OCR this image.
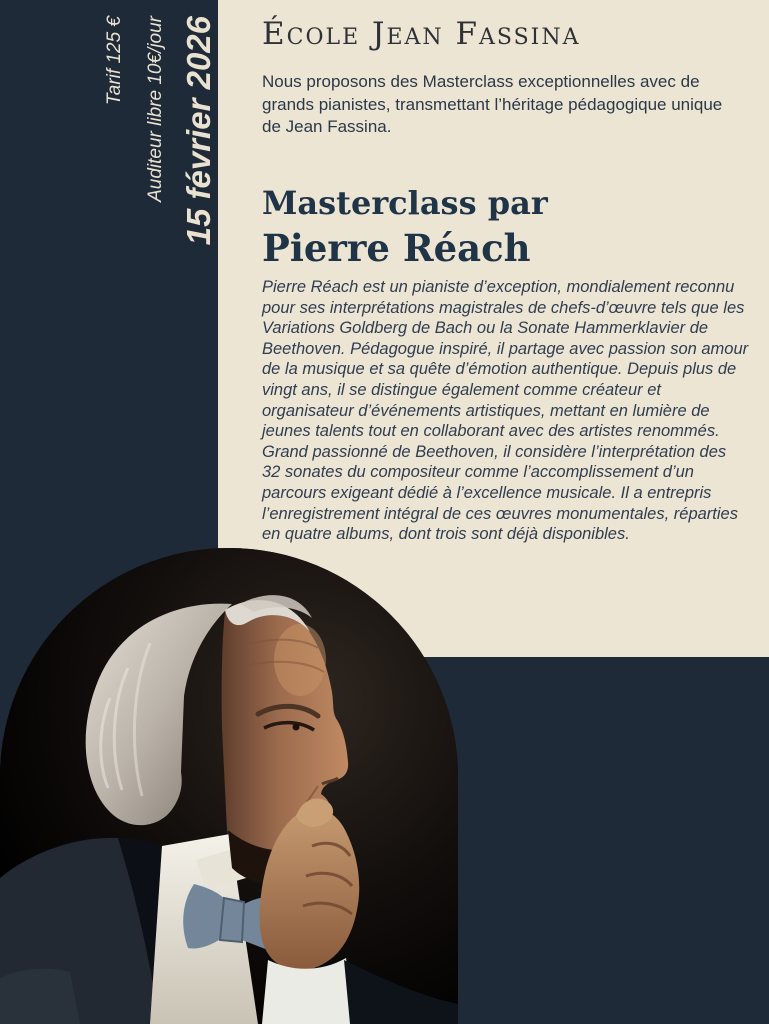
École Jean Fassina

Nous proposons des Masterclass exceptionnelles avec de grands pianistes, transmettant l’héritage pédagogique unique de Jean Fassina.

Masterclass par
Pierre Réach

Pierre Réach est un pianiste d’exception, mondialement reconnu pour ses interprétations magistrales de chefs-d’œuvre tels que les Variations Goldberg de Bach ou la Sonate Hammerklavier de Beethoven. Pédagogue inspiré, il partage avec passion son amour de la musique et sa quête d’émotion authentique. Depuis plus de vingt ans, il se distingue également comme créateur et organisateur d’événements artistiques, mettant en lumière de jeunes talents tout en collaborant avec des artistes renommés. Grand passionné de Beethoven, il considère l’interprétation des 32 sonates du compositeur comme l’accomplissement d’un parcours exigeant dédié à l’excellence musicale. Il a entrepris l’enregistrement intégral de ces œuvres monumentales, réparties en quatre albums, dont trois sont déjà disponibles.

Tarif 125 €	Auditeur libre 10€/jour 15 février 2026
